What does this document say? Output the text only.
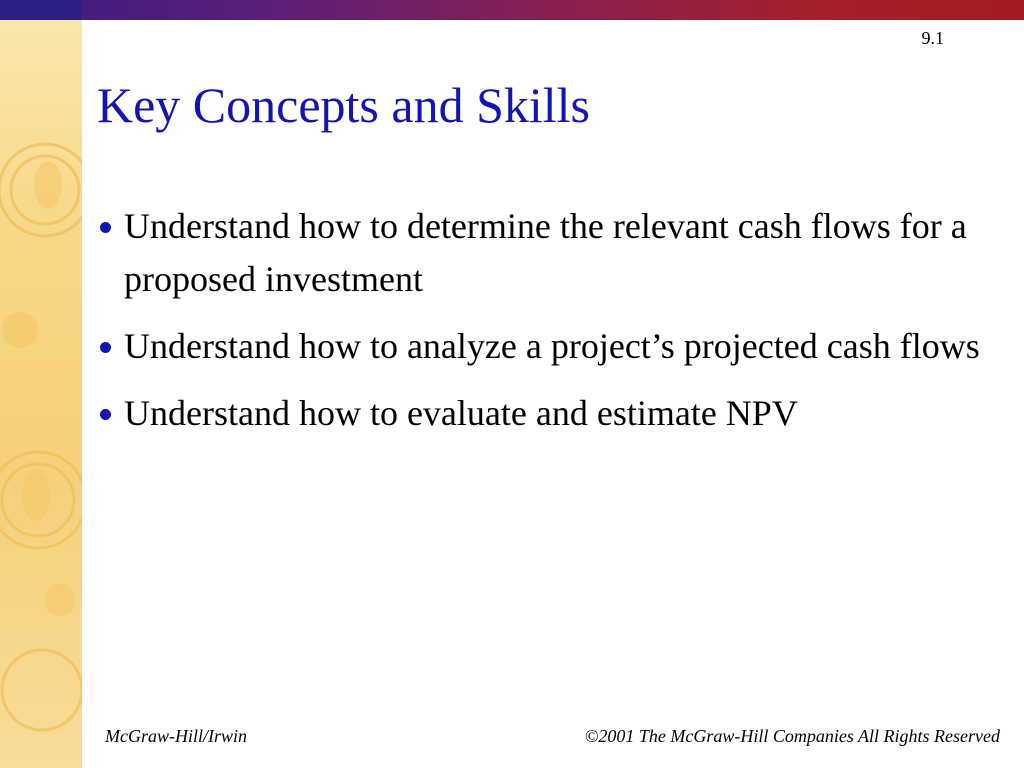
9.1
Key Concepts and Skills
Understand how to determine the relevant cash flows for a proposed investment
Understand how to analyze a project’s projected cash flows
Understand how to evaluate and estimate NPV
McGraw-Hill/Irwin	©2001 The McGraw-Hill Companies All Rights Reserved
